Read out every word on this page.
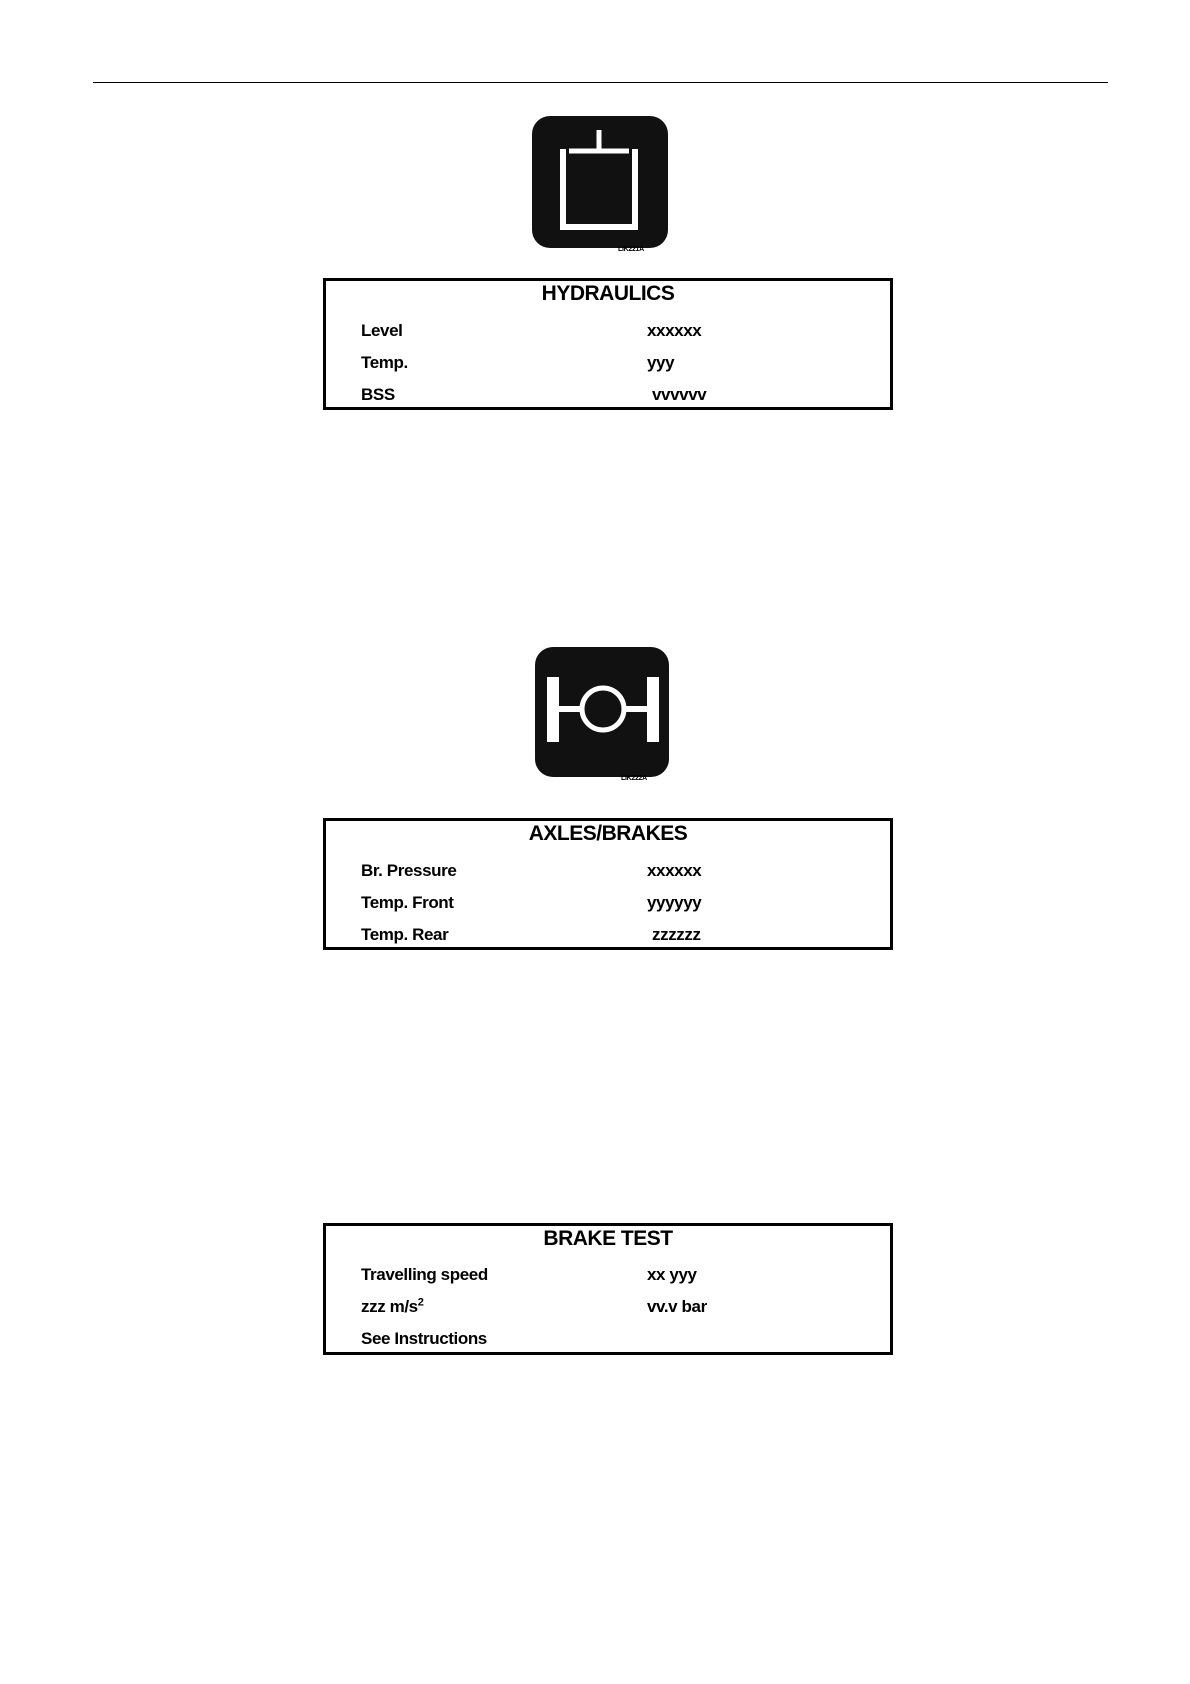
LIK221A
HYDRAULICS
Level	xxxxxx
Temp.	yyy
BSS	vvvvvv
LIK222A
AXLES/BRAKES
Br. Pressure	xxxxxx
Temp. Front	yyyyyy
Temp. Rear	zzzzzz
BRAKE TEST
Travelling speed	xx yyy
zzz $m/s^2$	vv.v bar
See Instructions
